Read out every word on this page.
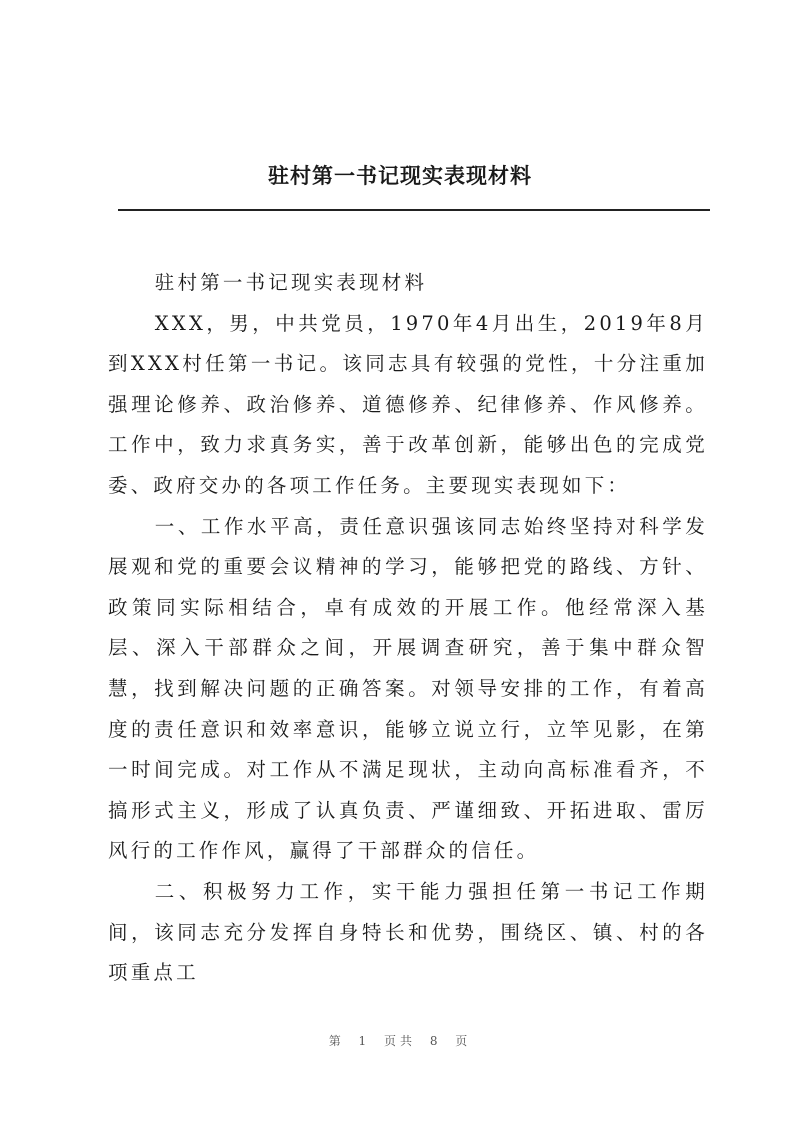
驻村第一书记现实表现材料

驻村第一书记现实表现材料

XXX，男，中共党员，1970年4月出生，2019年8月到XXX村任第一书记。该同志具有较强的党性，十分注重加强理论修养、政治修养、道德修养、纪律修养、作风修养。工作中，致力求真务实，善于改革创新，能够出色的完成党委、政府交办的各项工作任务。主要现实表现如下：

一、工作水平高，责任意识强该同志始终坚持对科学发展观和党的重要会议精神的学习，能够把党的路线、方针、政策同实际相结合，卓有成效的开展工作。他经常深入基层、深入干部群众之间，开展调查研究，善于集中群众智慧，找到解决问题的正确答案。对领导安排的工作，有着高度的责任意识和效率意识，能够立说立行，立竿见影，在第一时间完成。对工作从不满足现状，主动向高标准看齐，不搞形式主义，形成了认真负责、严谨细致、开拓进取、雷厉风行的工作作风，赢得了干部群众的信任。

二、积极努力工作，实干能力强担任第一书记工作期间，该同志充分发挥自身特长和优势，围绕区、镇、村的各项重点工

第 1 页共 8 页
